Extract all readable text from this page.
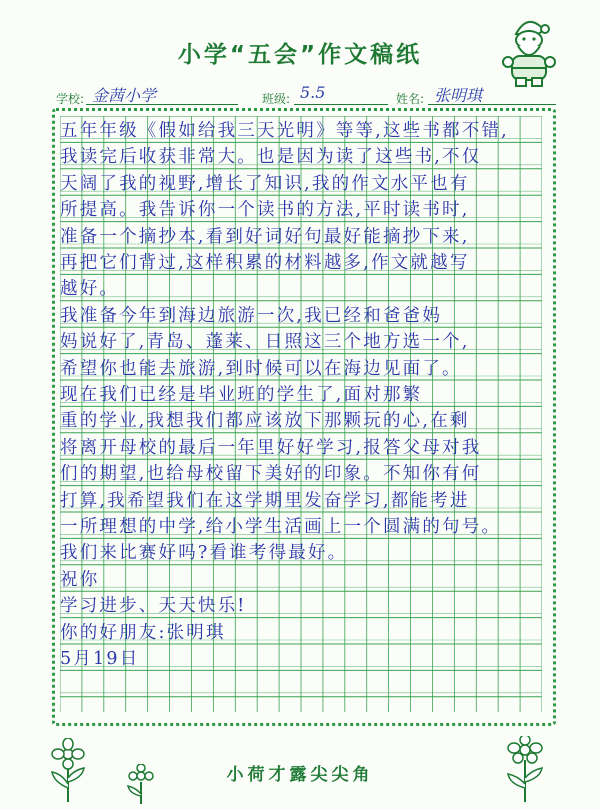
小学“五会”作文稿纸
学校: 金茜小学	班级: 5.5	姓名: 张明琪
五年年级《假如给我三天光明》等等,这些书都不错,
我读完后收获非常大。也是因为读了这些书,不仅
天阔了我的视野,增长了知识,我的作文水平也有
所提高。我告诉你一个读书的方法,平时读书时,
准备一个摘抄本,看到好词好句最好能摘抄下来,
再把它们背过,这样积累的材料越多,作文就越写
越好。
我准备今年到海边旅游一次,我已经和爸爸妈
妈说好了,青岛、蓬莱、日照这三个地方选一个,
希望你也能去旅游,到时候可以在海边见面了。
现在我们已经是毕业班的学生了,面对那繁
重的学业,我想我们都应该放下那颗玩的心,在剩
将离开母校的最后一年里好好学习,报答父母对我
们的期望,也给母校留下美好的印象。不知你有何
打算,我希望我们在这学期里发奋学习,都能考进
一所理想的中学,给小学生活画上一个圆满的句号。
我们来比赛好吗?看谁考得最好。
祝你
学习进步、天天快乐!
你的好朋友:张明琪
5月19日
小荷才露尖尖角
